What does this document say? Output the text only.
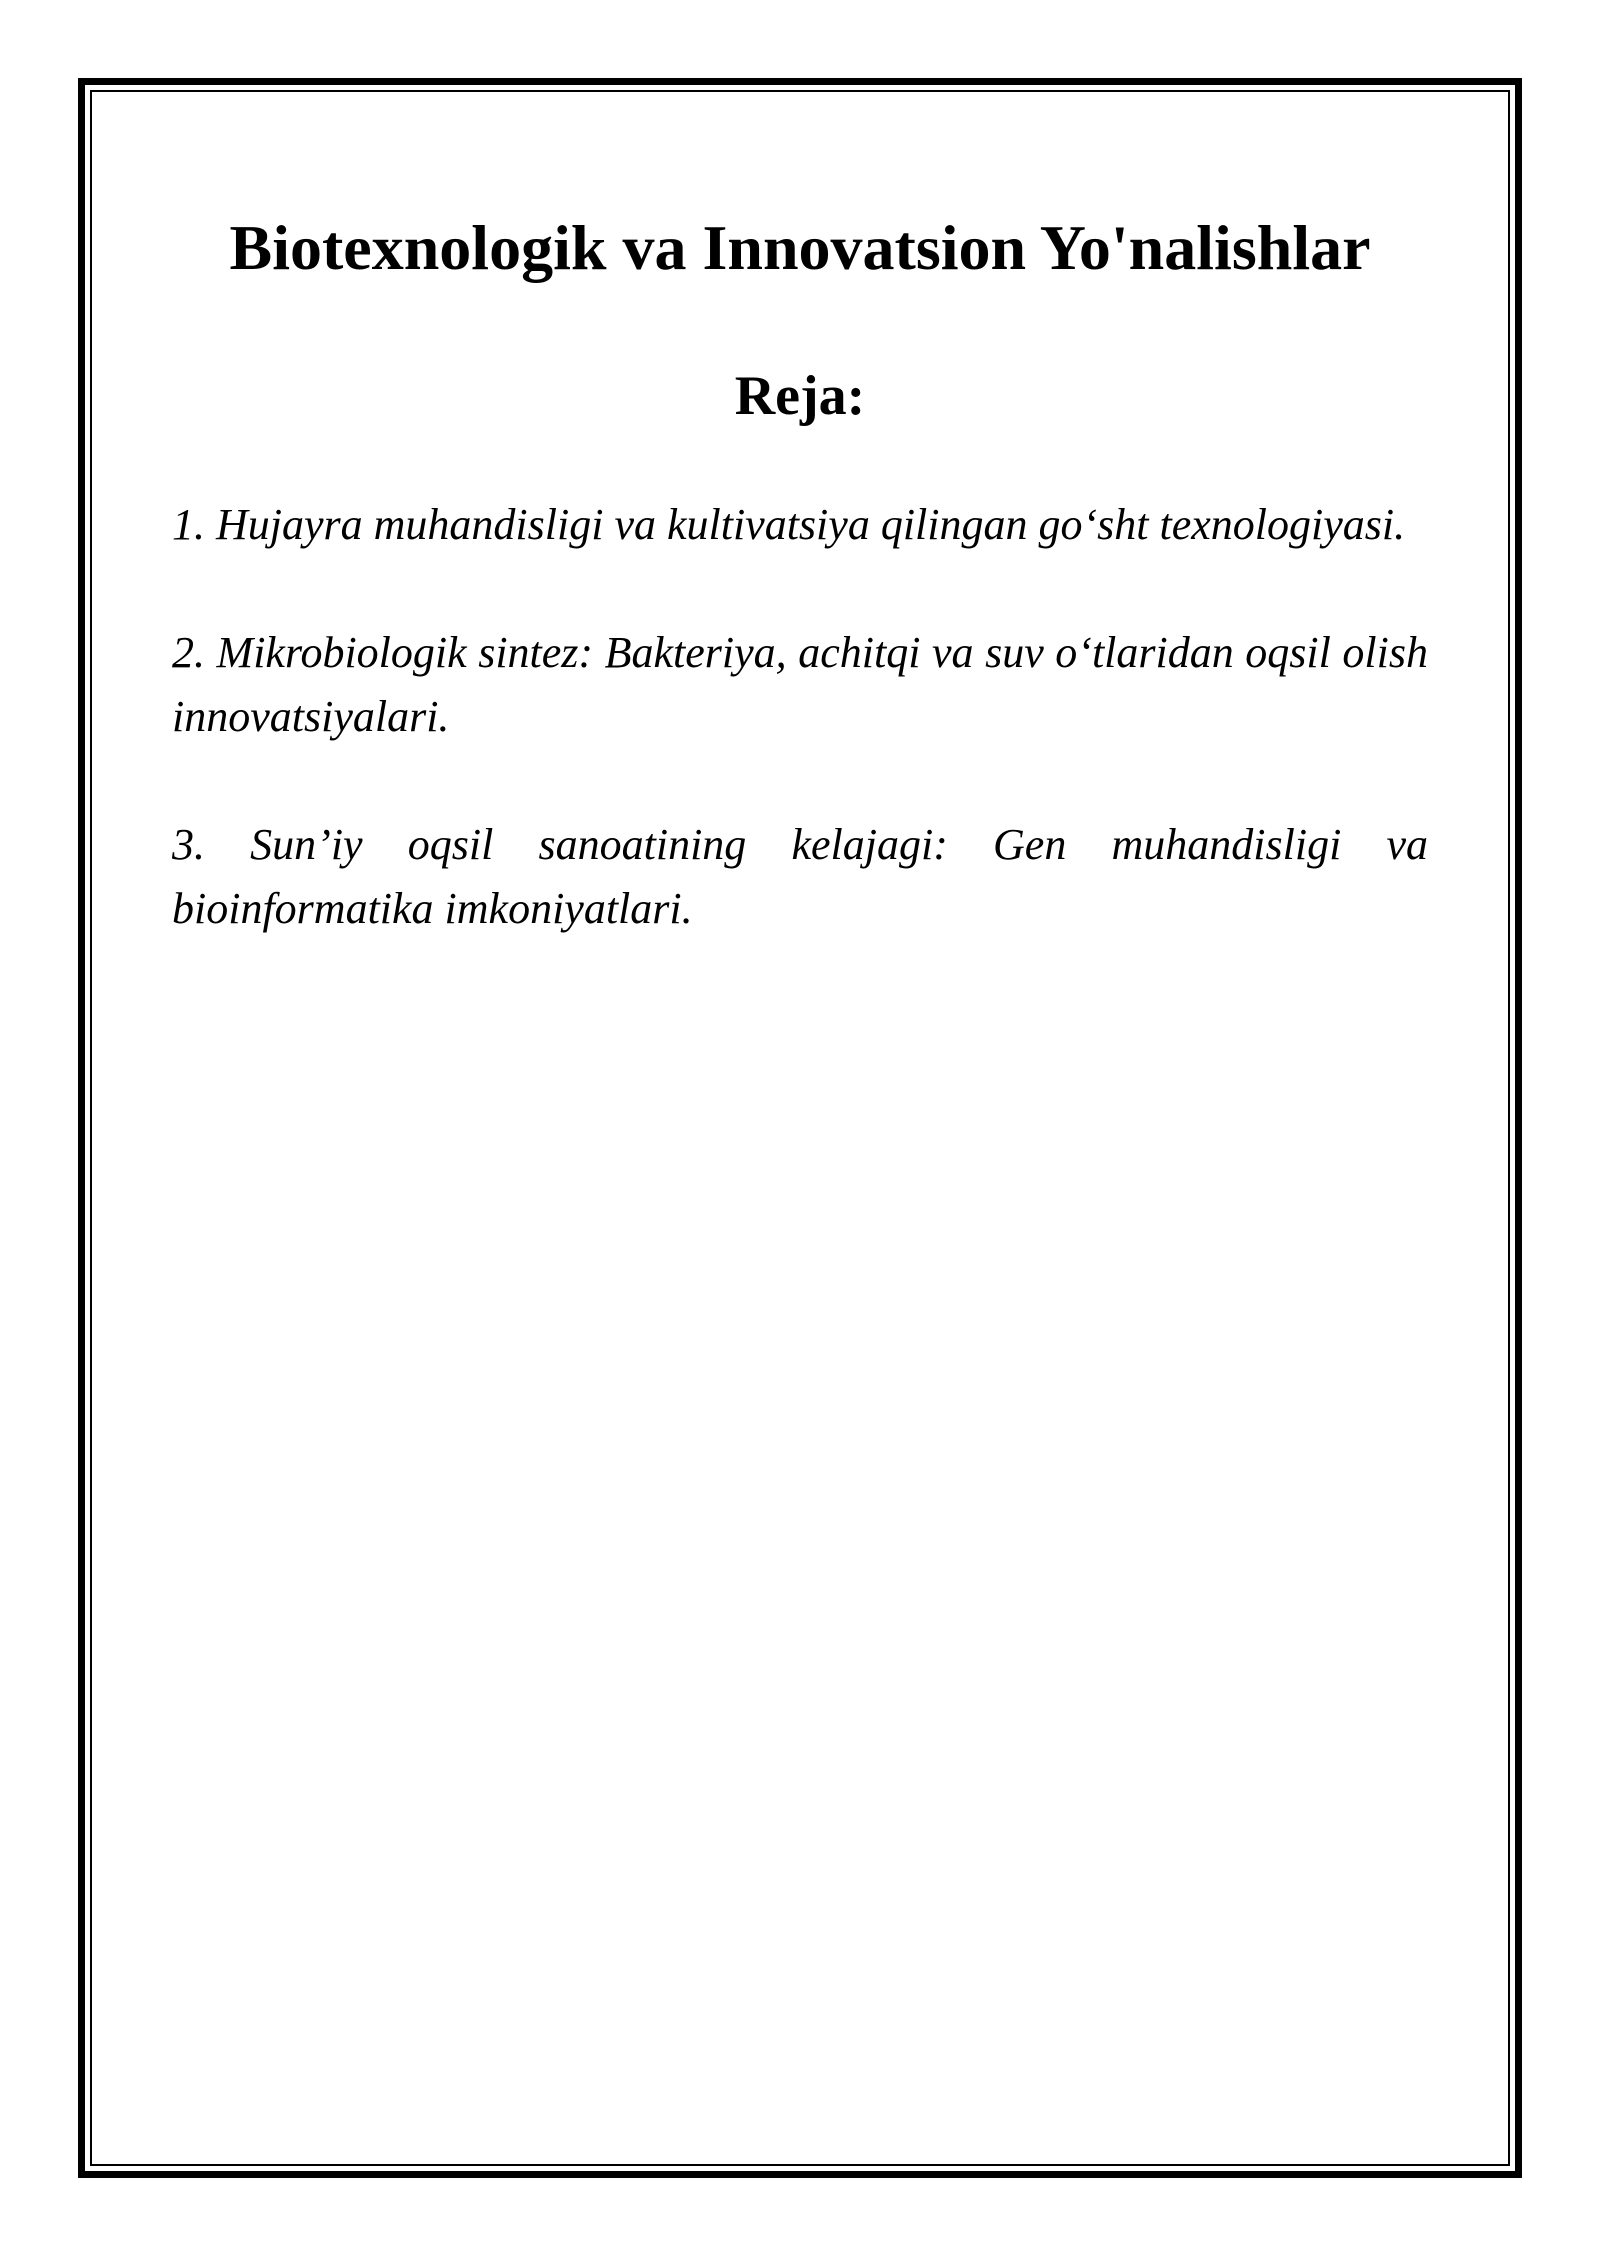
Biotexnologik va Innovatsion Yo'nalishlar
Reja:
1. Hujayra muhandisligi va kultivatsiya qilingan go‘sht texnologiyasi.
2. Mikrobiologik sintez: Bakteriya, achitqi va suv o‘tlaridan oqsil olish innovatsiyalari.
3. Sun’iy oqsil sanoatining kelajagi: Gen muhandisligi va bioinformatika imkoniyatlari.
